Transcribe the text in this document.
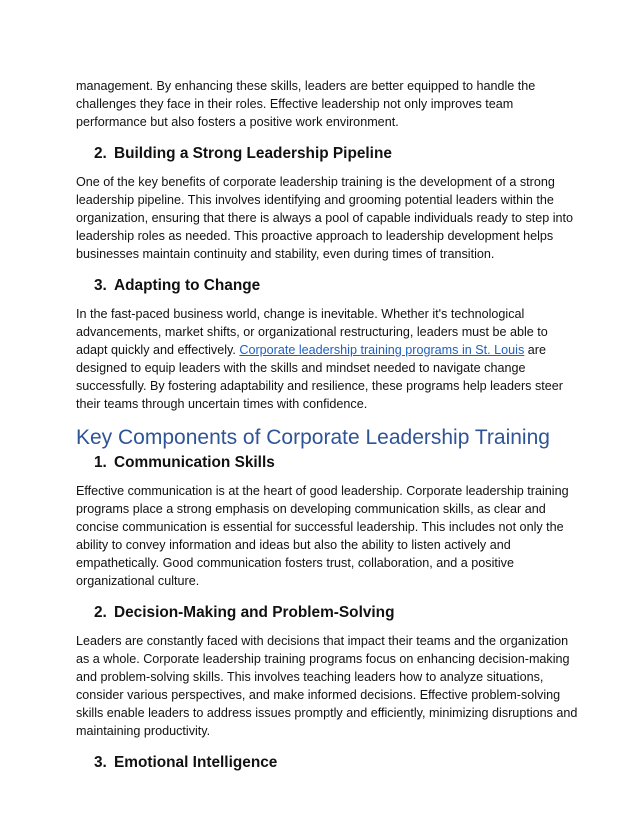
management. By enhancing these skills, leaders are better equipped to handle the challenges they face in their roles. Effective leadership not only improves team performance but also fosters a positive work environment.

2. Building a Strong Leadership Pipeline

One of the key benefits of corporate leadership training is the development of a strong leadership pipeline. This involves identifying and grooming potential leaders within the organization, ensuring that there is always a pool of capable individuals ready to step into leadership roles as needed. This proactive approach to leadership development helps businesses maintain continuity and stability, even during times of transition.

3. Adapting to Change

In the fast-paced business world, change is inevitable. Whether it's technological advancements, market shifts, or organizational restructuring, leaders must be able to adapt quickly and effectively. Corporate leadership training programs in St. Louis are designed to equip leaders with the skills and mindset needed to navigate change successfully. By fostering adaptability and resilience, these programs help leaders steer their teams through uncertain times with confidence.

Key Components of Corporate Leadership Training
1. Communication Skills

Effective communication is at the heart of good leadership. Corporate leadership training programs place a strong emphasis on developing communication skills, as clear and concise communication is essential for successful leadership. This includes not only the ability to convey information and ideas but also the ability to listen actively and empathetically. Good communication fosters trust, collaboration, and a positive organizational culture.

2. Decision-Making and Problem-Solving

Leaders are constantly faced with decisions that impact their teams and the organization as a whole. Corporate leadership training programs focus on enhancing decision-making and problem-solving skills. This involves teaching leaders how to analyze situations, consider various perspectives, and make informed decisions. Effective problem-solving skills enable leaders to address issues promptly and efficiently, minimizing disruptions and maintaining productivity.

3. Emotional Intelligence
